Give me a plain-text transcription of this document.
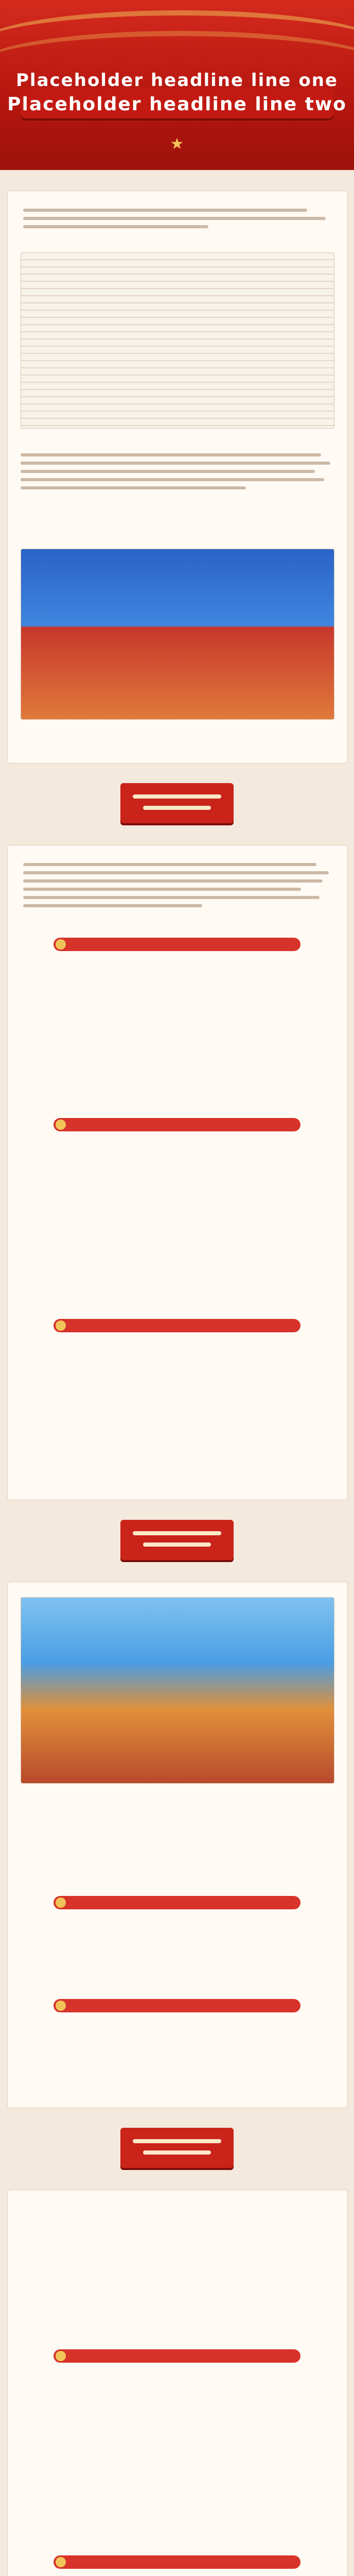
Placeholder headline line one
Placeholder headline line two
★
